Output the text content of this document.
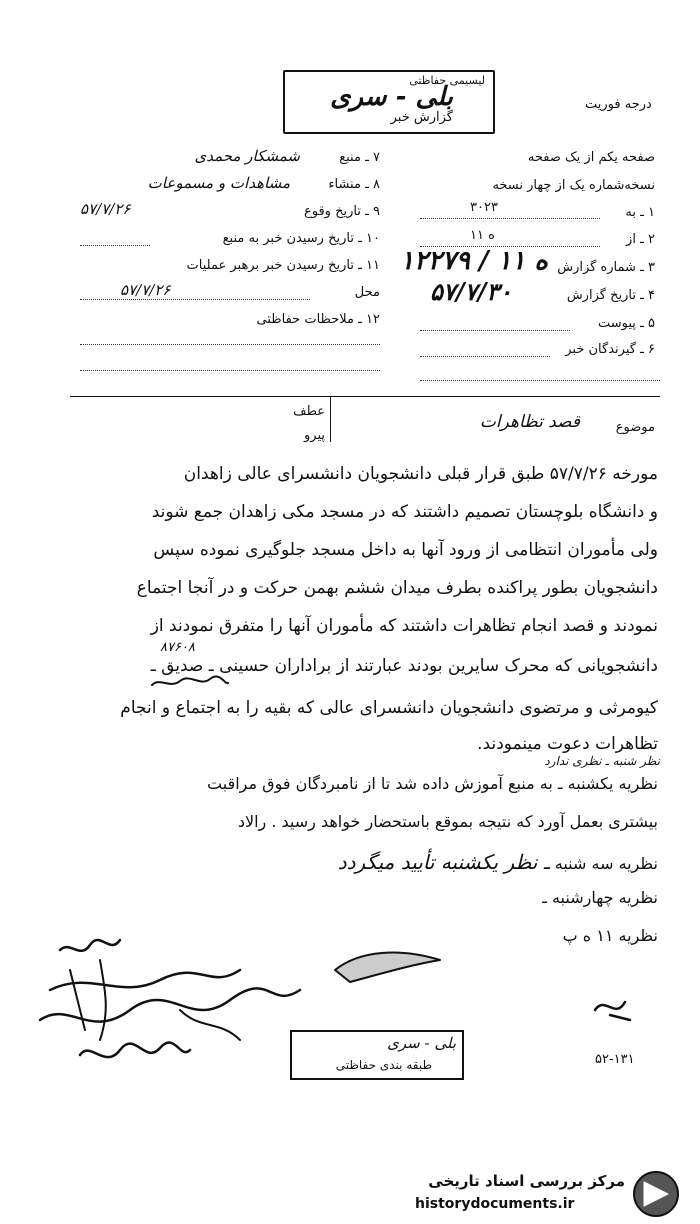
درجه فوریت
لیسیمی حفاظتی
بلی - سری
گزارش خبر
صفحه یکم از یک صفحه
نسخه‌شماره یک از چهار نسخه
۱ ـ به
۳۰۲۳
۲ ـ از
۱۱ ه
۳ ـ شماره گزارش
۱۲۲۷۹ / ۱۱ ه
۴ ـ تاریخ گزارش
۵۷/۷/۳۰
۵ ـ پیوست
۶ ـ گیرندگان خبر
۷ ـ منبع
شمشکار محمدی
۸ ـ منشاء
مشاهدات و مسموعات
۹ ـ تاریخ وقوع
۵۷/۷/۲۶
۱۰ ـ تاریخ رسیدن خبر به منبع
۱۱ ـ تاریخ رسیدن خبر برهبر عملیات
محل
۵۷/۷/۲۶
۱۲ ـ ملاحظات حفاظتی
موضوع
قصد تظاهرات
عطف
پیرو
مورخه ۵۷/۷/۲۶ طبق قرار قبلی دانشجویان دانشسرای عالی زاهدان
و دانشگاه بلوچستان تصمیم داشتند که در مسجد مکی زاهدان جمع شوند
ولی مأموران انتظامی از ورود آنها به داخل مسجد جلوگیری نموده سپس
دانشجویان بطور پراکنده بطرف میدان ششم بهمن حرکت و در آنجا اجتماع
نمودند و قصد انجام تظاهرات داشتند که مأموران آنها را متفرق نمودند از
دانشجویانی که محرک سایرین بودند عبارتند از براداران حسینی ـ صدیق ـ
کیومرثی و مرتضوی دانشجویان دانشسرای عالی که بقیه را به اجتماع و انجام
تظاهرات دعوت مینمودند.
۸۷۶۰۸
نظر شنبه ـ نظری ندارد
نظریه یکشنبه ـ به منبع آموزش داده شد تا از نامبردگان فوق مراقبت
بیشتری بعمل آورد که نتیجه بموقع باستحضار خواهد رسید . رالاد
نظریه سه شنبه ـ نظر یکشنبه تأیید میگردد
نظریه چهارشنبه ـ
نظریه ۱۱ ه پ
بلی - سری
طبقه بندی حفاظتی	۵۲-۱۳۱
مرکز بررسی اسناد تاریخی
historydocuments.ir
